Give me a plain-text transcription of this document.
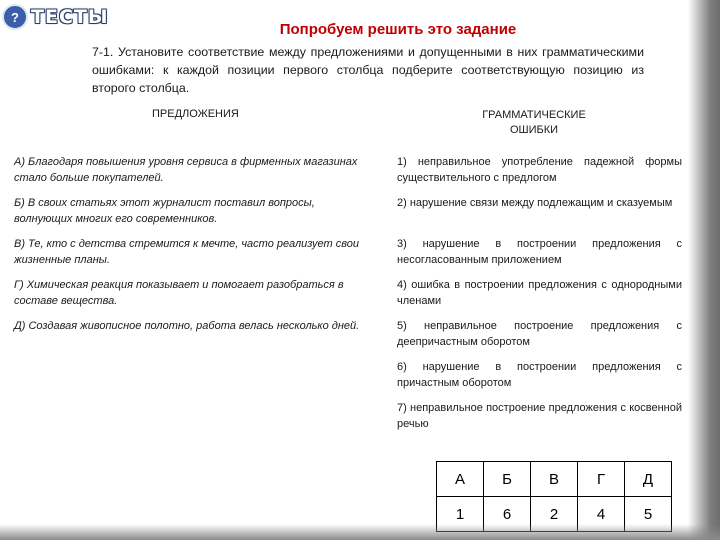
? ТЕСТЫ
Попробуем решить это задание
7-1. Установите соответствие между предложениями и допущенными в них грамматическими ошибками: к каждой позиции первого столбца подберите соответствующую позицию из второго столбца.
ПРЕДЛОЖЕНИЯ	ГРАММАТИЧЕСКИЕ ОШИБКИ
А) Благодаря повышения уровня сервиса в фирменных магазинах стало больше покупателей.
Б) В своих статьях этот журналист поставил вопросы, волнующих многих его современников.
В) Те, кто с детства стремится к мечте, часто реализует свои жизненные планы.
Г) Химическая реакция показывает и помогает разобраться в составе вещества.
Д) Создавая живописное полотно, работа велась несколько дней.
1) неправильное употребление падежной формы существительного с предлогом
2) нарушение связи между подлежащим и сказуемым
3) нарушение в построении предложения с несогласованным приложением
4) ошибка в построении предложения с однородными членами
5) неправильное построение предложения с деепричастным оборотом
6) нарушение в построении предложения с причастным оборотом
7) неправильное построение предложения с косвенной речью
А	Б	В	Г	Д
1	6	2	4	5
